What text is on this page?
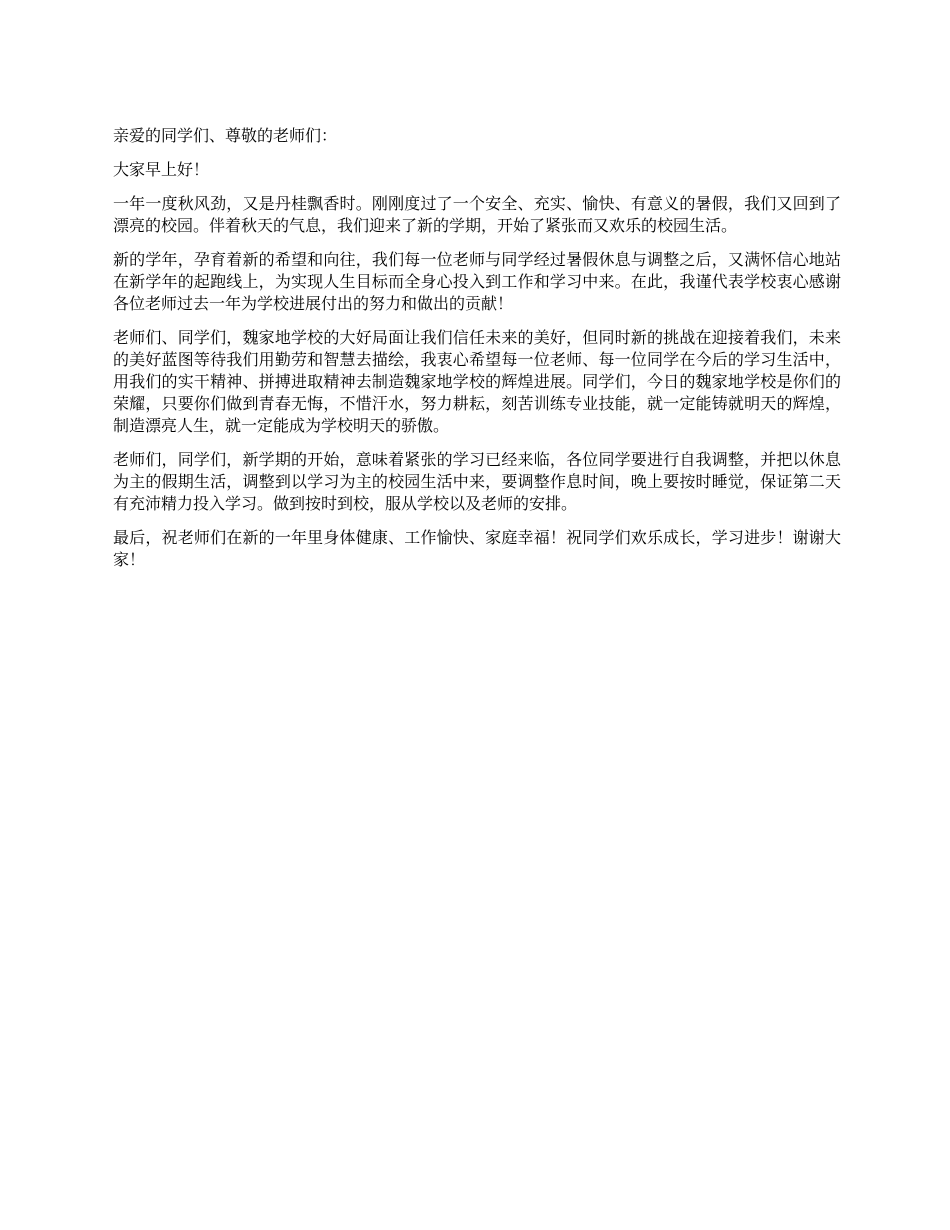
亲爱的同学们、尊敬的老师们：

大家早上好！

一年一度秋风劲，又是丹桂飘香时。刚刚度过了一个安全、充实、愉快、有意义的暑假，我们又回到了漂亮的校园。伴着秋天的气息，我们迎来了新的学期，开始了紧张而又欢乐的校园生活。

新的学年，孕育着新的希望和向往，我们每一位老师与同学经过暑假休息与调整之后，又满怀信心地站在新学年的起跑线上，为实现人生目标而全身心投入到工作和学习中来。在此，我谨代表学校衷心感谢各位老师过去一年为学校进展付出的努力和做出的贡献！

老师们、同学们，魏家地学校的大好局面让我们信任未来的美好，但同时新的挑战在迎接着我们，未来的美好蓝图等待我们用勤劳和智慧去描绘，我衷心希望每一位老师、每一位同学在今后的学习生活中，用我们的实干精神、拼搏进取精神去制造魏家地学校的辉煌进展。同学们，今日的魏家地学校是你们的荣耀，只要你们做到青春无悔，不惜汗水，努力耕耘，刻苦训练专业技能，就一定能铸就明天的辉煌，制造漂亮人生，就一定能成为学校明天的骄傲。

老师们，同学们，新学期的开始，意味着紧张的学习已经来临，各位同学要进行自我调整，并把以休息为主的假期生活，调整到以学习为主的校园生活中来，要调整作息时间，晚上要按时睡觉，保证第二天有充沛精力投入学习。做到按时到校，服从学校以及老师的安排。

最后，祝老师们在新的一年里身体健康、工作愉快、家庭幸福！祝同学们欢乐成长，学习进步！谢谢大家！
